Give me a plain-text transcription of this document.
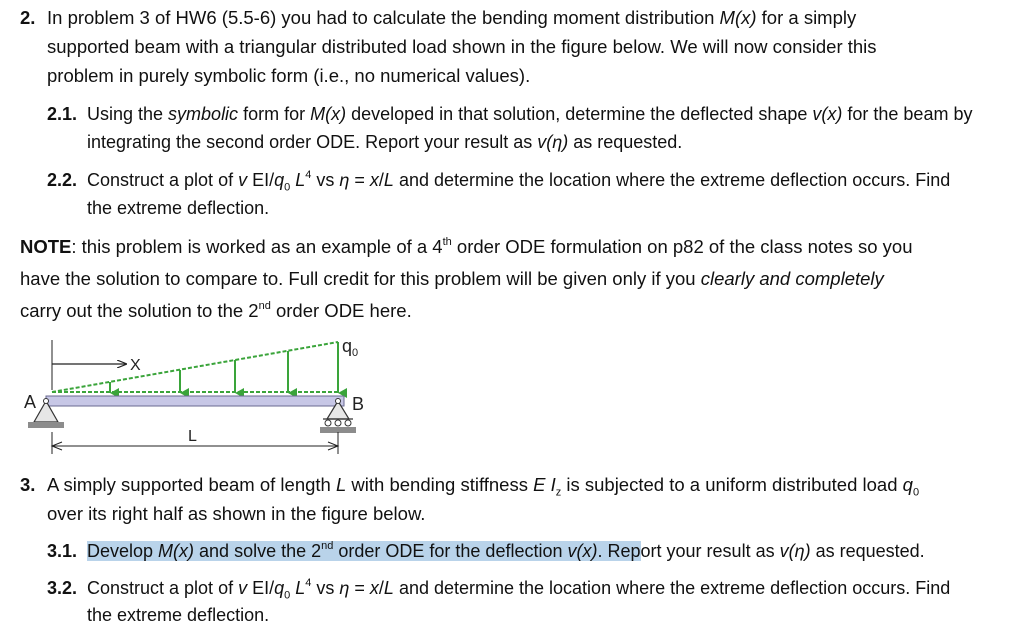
2. In problem 3 of HW6 (5.5-6) you had to calculate the bending moment distribution M(x) for a simply
supported beam with a triangular distributed load shown in the figure below. We will now consider this
problem in purely symbolic form (i.e., no numerical values).
2.1. Using the symbolic form for M(x) developed in that solution, determine the deflected shape v(x) for the beam by
integrating the second order ODE. Report your result as v(η) as requested.
2.2. Construct a plot of v $EI/q_0$ $L^4$ vs η = x/L and determine the location where the extreme deflection occurs. Find
the extreme deflection.
NOTE: this problem is worked as an example of a 4th order ODE formulation on p82 of the class notes so you
have the solution to compare to. Full credit for this problem will be given only if you clearly and completely
carry out the solution to the 2nd order ODE here.
X
$q_0$
A	B
L
3. A simply supported beam of length L with bending stiffness E $I_z$ is subjected to a uniform distributed load $q_0$
over its right half as shown in the figure below.
3.1. Develop M(x) and solve the 2nd order ODE for the deflection v(x). Report your result as v(η) as requested.
3.2. Construct a plot of v $EI/q_0$ $L^4$ vs η = x/L and determine the location where the extreme deflection occurs. Find
the extreme deflection.
